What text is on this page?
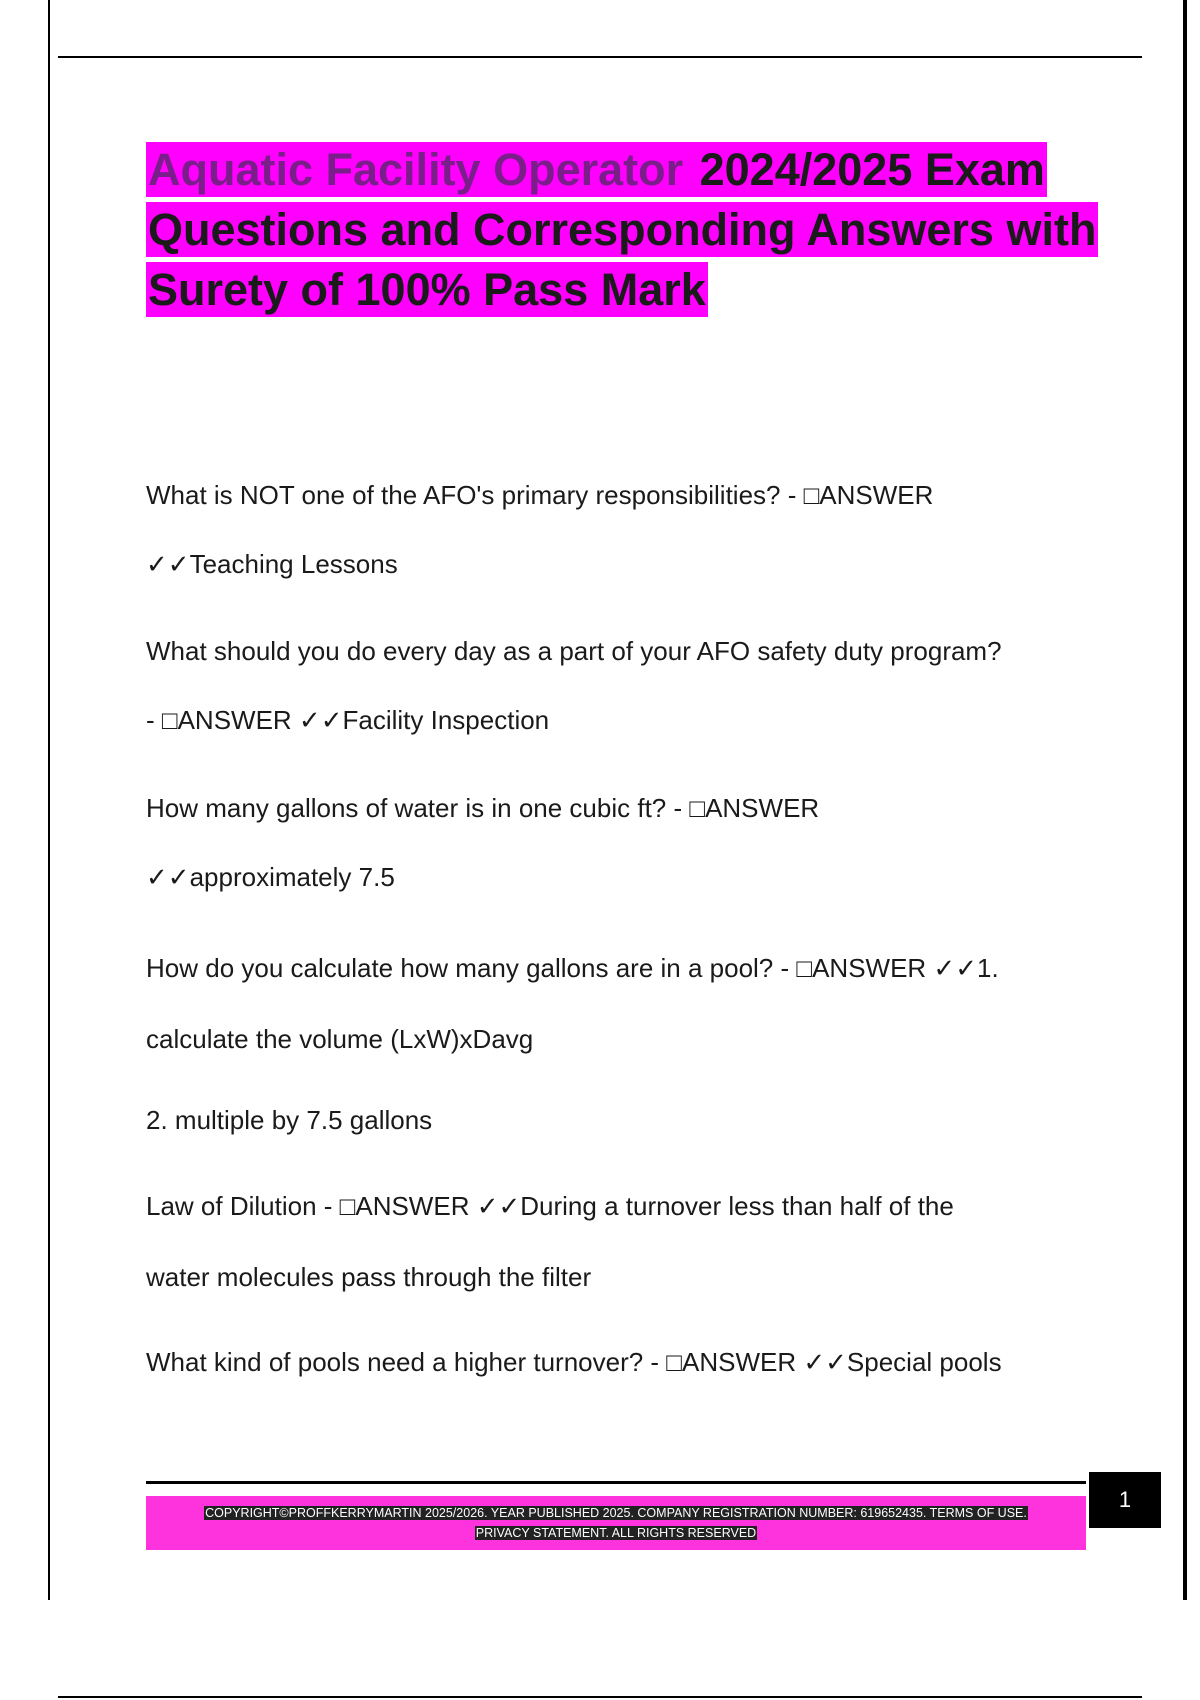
Aquatic Facility Operator 2024/2025 Exam Questions and Corresponding Answers with Surety of 100% Pass Mark
What is NOT one of the AFO's primary responsibilities? - □ANSWER
✓✓Teaching Lessons
What should you do every day as a part of your AFO safety duty program?
- □ANSWER ✓✓Facility Inspection
How many gallons of water is in one cubic ft? - □ANSWER
✓✓approximately 7.5
How do you calculate how many gallons are in a pool? - □ANSWER ✓✓1.
calculate the volume (LxW)xDavg
2. multiple by 7.5 gallons
Law of Dilution - □ANSWER ✓✓During a turnover less than half of the
water molecules pass through the filter
What kind of pools need a higher turnover? - □ANSWER ✓✓Special pools
COPYRIGHT©PROFFKERRYMARTIN 2025/2026. YEAR PUBLISHED 2025. COMPANY REGISTRATION NUMBER: 619652435. TERMS OF USE.
PRIVACY STATEMENT. ALL RIGHTS RESERVED
1
